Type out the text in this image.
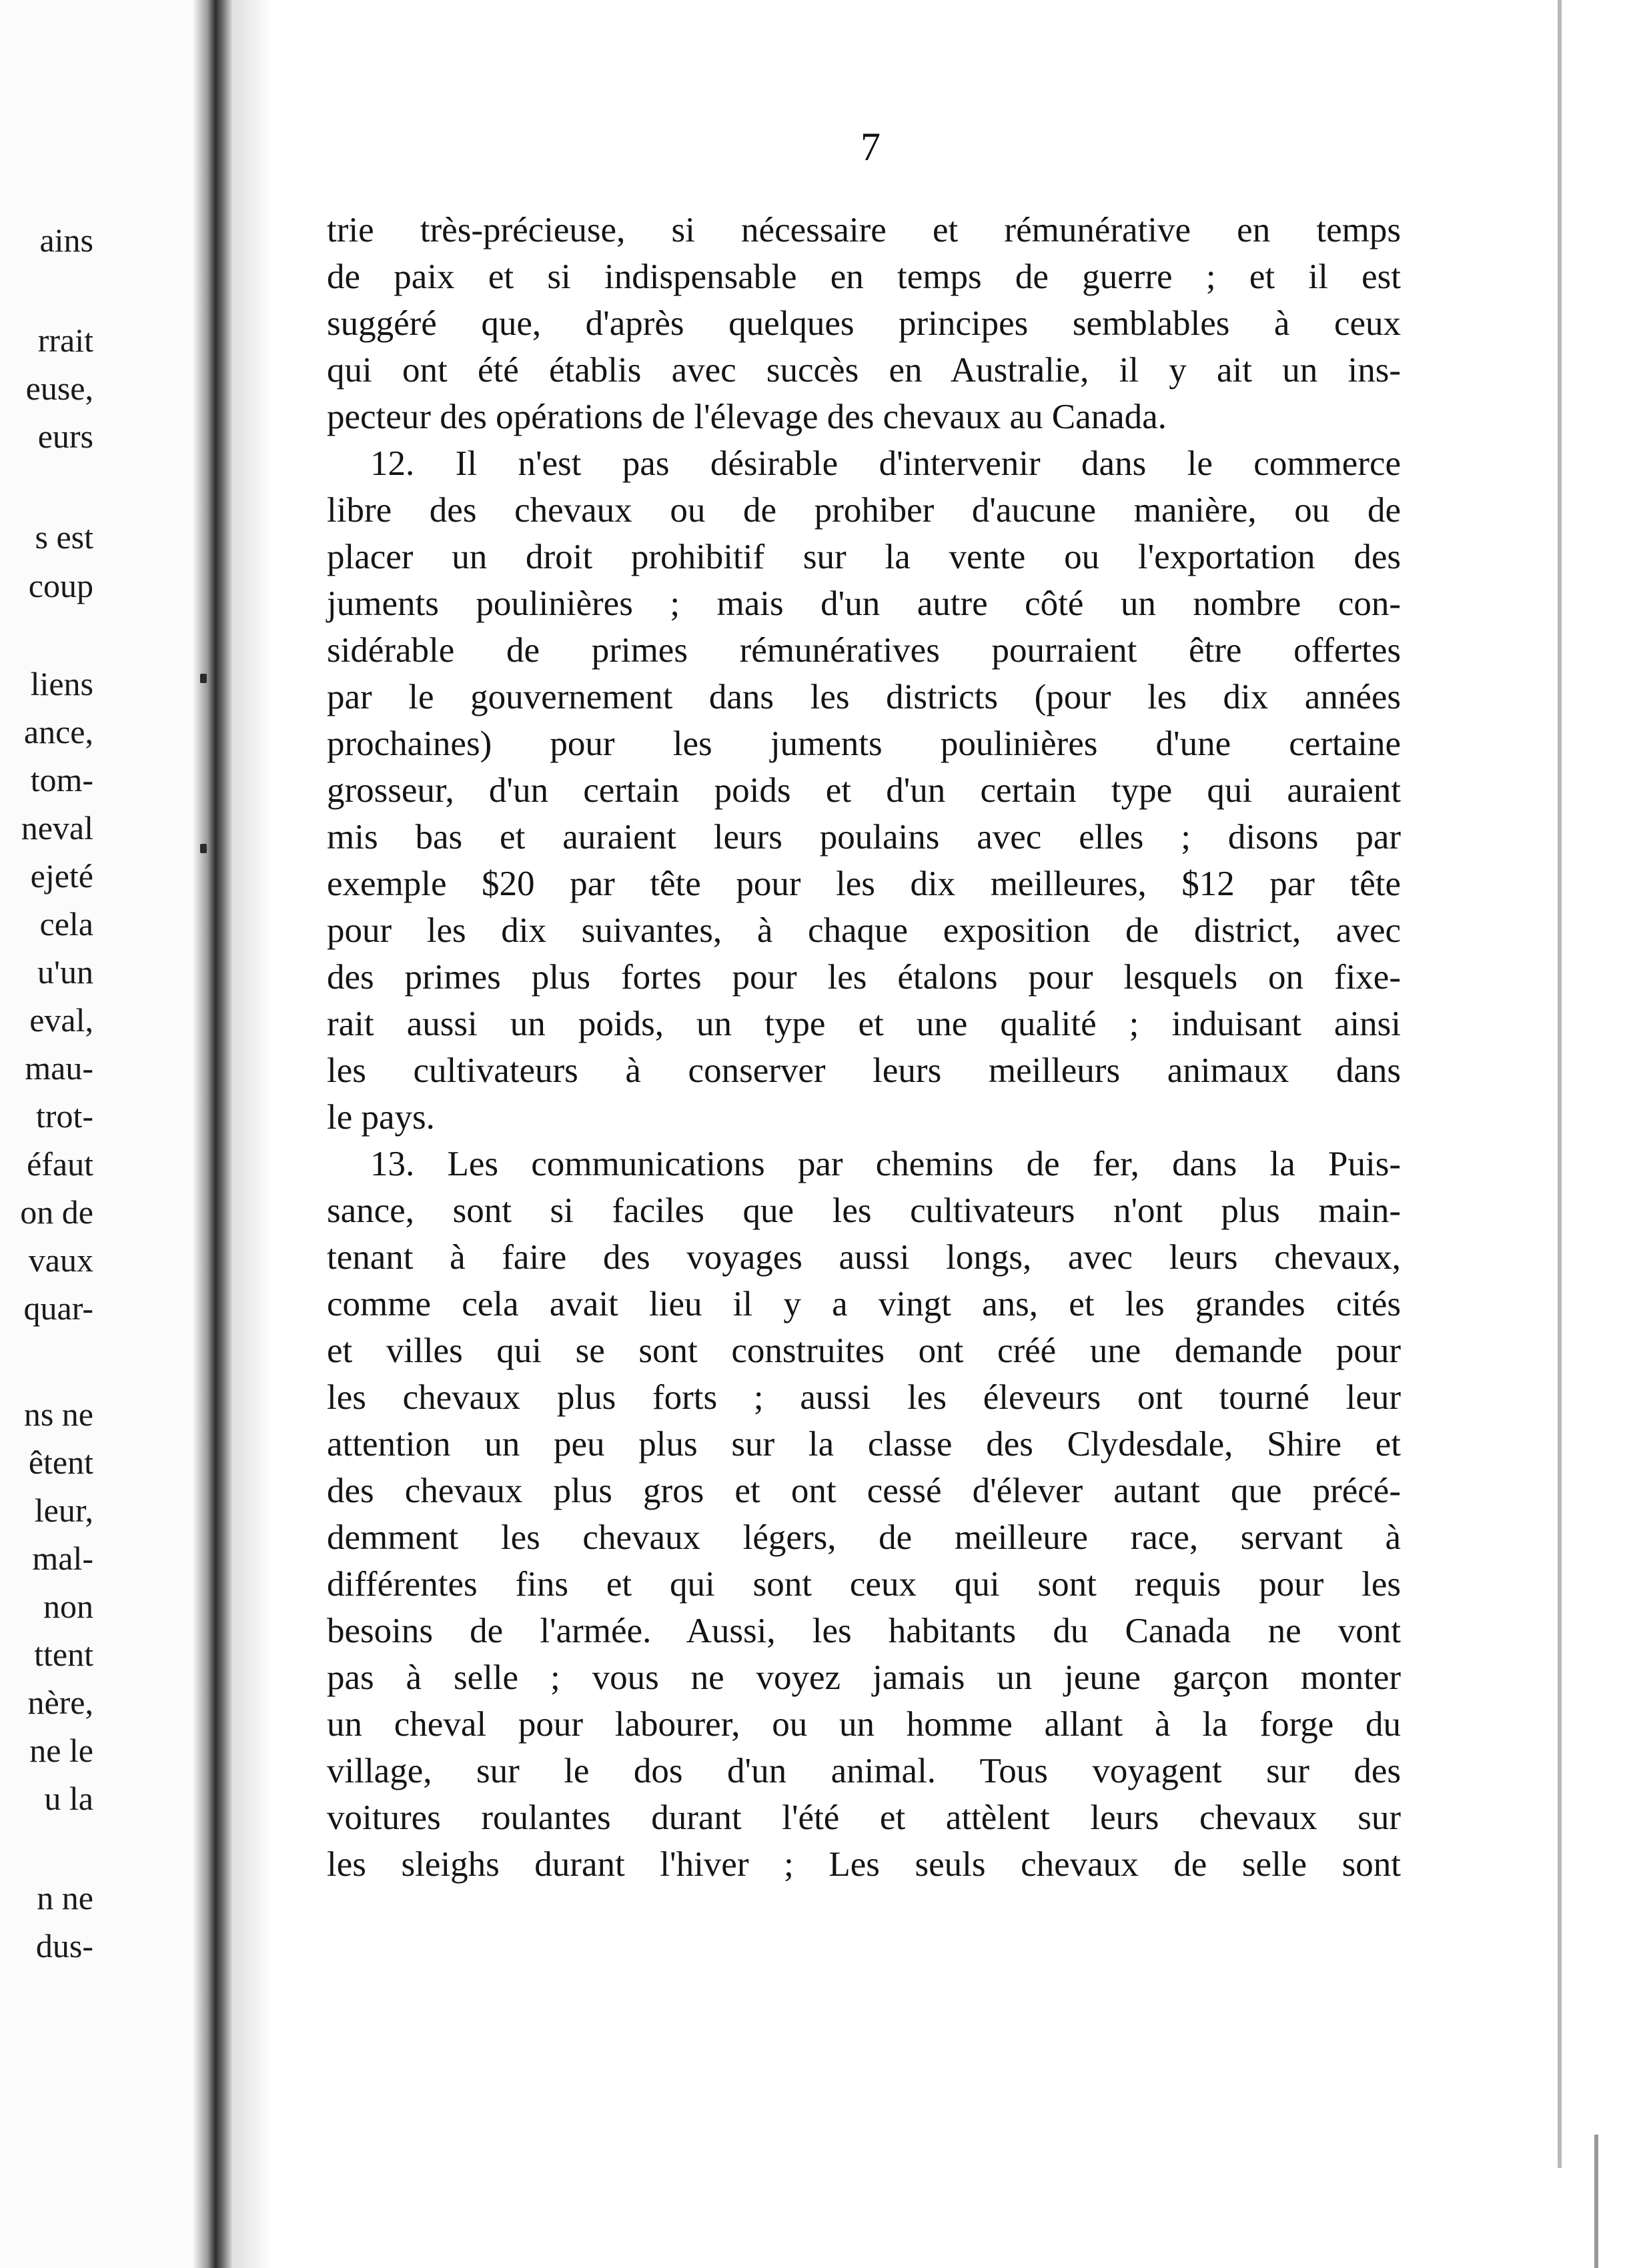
ains
rrait
euse,
eurs
s est
coup
liens
ance,
tom-
neval
ejeté
cela
u'un
eval,
mau-
trot-
éfaut
on de
vaux
quar-
ns ne
êtent
leur,
mal-
non
ttent
nère,
ne le
u la
n ne
dus-
7
trie très-précieuse, si nécessaire et rémunérative en temps
de paix et si indispensable en temps de guerre ; et il est
suggéré que, d'après quelques principes semblables à ceux
qui ont été établis avec succès en Australie, il y ait un ins-
pecteur des opérations de l'élevage des chevaux au Canada.
12. Il n'est pas désirable d'intervenir dans le commerce
libre des chevaux ou de prohiber d'aucune manière, ou de
placer un droit prohibitif sur la vente ou l'exportation des
juments poulinières ; mais d'un autre côté un nombre con-
sidérable de primes rémunératives pourraient être offertes
par le gouvernement dans les districts (pour les dix années
prochaines) pour les juments poulinières d'une certaine
grosseur, d'un certain poids et d'un certain type qui auraient
mis bas et auraient leurs poulains avec elles ; disons par
exemple $20 par tête pour les dix meilleures, $12 par tête
pour les dix suivantes, à chaque exposition de district, avec
des primes plus fortes pour les étalons pour lesquels on fixe-
rait aussi un poids, un type et une qualité ; induisant ainsi
les cultivateurs à conserver leurs meilleurs animaux dans
le pays.
13. Les communications par chemins de fer, dans la Puis-
sance, sont si faciles que les cultivateurs n'ont plus main-
tenant à faire des voyages aussi longs, avec leurs chevaux,
comme cela avait lieu il y a vingt ans, et les grandes cités
et villes qui se sont construites ont créé une demande pour
les chevaux plus forts ; aussi les éleveurs ont tourné leur
attention un peu plus sur la classe des Clydesdale, Shire et
des chevaux plus gros et ont cessé d'élever autant que précé-
demment les chevaux légers, de meilleure race, servant à
différentes fins et qui sont ceux qui sont requis pour les
besoins de l'armée. Aussi, les habitants du Canada ne vont
pas à selle ; vous ne voyez jamais un jeune garçon monter
un cheval pour labourer, ou un homme allant à la forge du
village, sur le dos d'un animal. Tous voyagent sur des
voitures roulantes durant l'été et attèlent leurs chevaux sur
les sleighs durant l'hiver ; Les seuls chevaux de selle sont
